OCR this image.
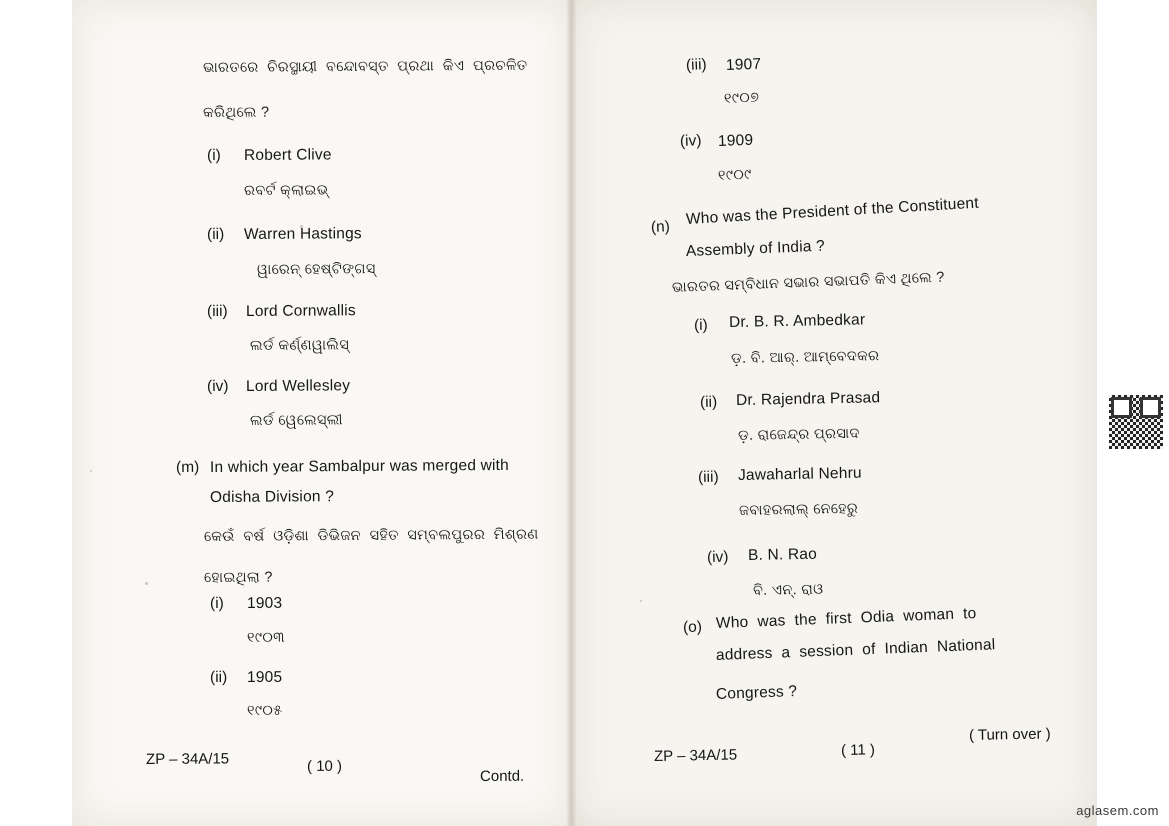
ଭାରତରେ  ଚିରସ୍ଥାୟୀ  ବନ୍ଦୋବସ୍ତ  ପ୍ରଥା  କିଏ  ପ୍ରଚଳିତ
କରିଥିଲେ ?
(i) Robert Clive
ରବର୍ଟ କ୍ଲାଇଭ୍
(ii) Warren Hastings
ୱାରେନ୍ ହେଷ୍ଟିଙ୍ଗସ୍
(iii) Lord Cornwallis
ଲର୍ଡ କର୍ଣ୍ଣୱାଲିସ୍
(iv) Lord Wellesley
ଲର୍ଡ ୱେଲେସ୍ଲୀ
(m) In which year Sambalpur was merged with
Odisha Division ?
କେଉଁ  ବର୍ଷ  ଓଡ଼ିଶା  ଡିଭିଜନ  ସହିତ  ସମ୍ବଲପୁରର  ମିଶ୍ରଣ
ହୋଇଥିଲା ?
(i) 1903
୧୯୦୩
(ii) 1905
୧୯୦୫
ZP – 34A/15	( 10 )
Contd.
(iii) 1907
୧୯୦୭
(iv) 1909
୧୯୦୯
(n) Who was the President of the Constituent
Assembly of India ?
ଭାରତର ସମ୍ବିଧାନ ସଭାର ସଭାପତି କିଏ ଥିଲେ ?
(i) Dr. B. R. Ambedkar
ଡ଼. ବି. ଆର୍. ଆମ୍ବେଦକର
(ii) Dr. Rajendra Prasad
ଡ଼. ରାଜେନ୍ଦ୍ର ପ୍ରସାଦ
(iii) Jawaharlal Nehru
ଜବାହରଲାଲ୍ ନେହେରୁ
(iv) B. N. Rao
ବି. ଏନ୍. ରାଓ
(o) Who  was  the  first  Odia  woman  to
address  a  session  of  Indian  National
Congress ?
ZP – 34A/15	( 11 )
( Turn over )
aglasem.com
